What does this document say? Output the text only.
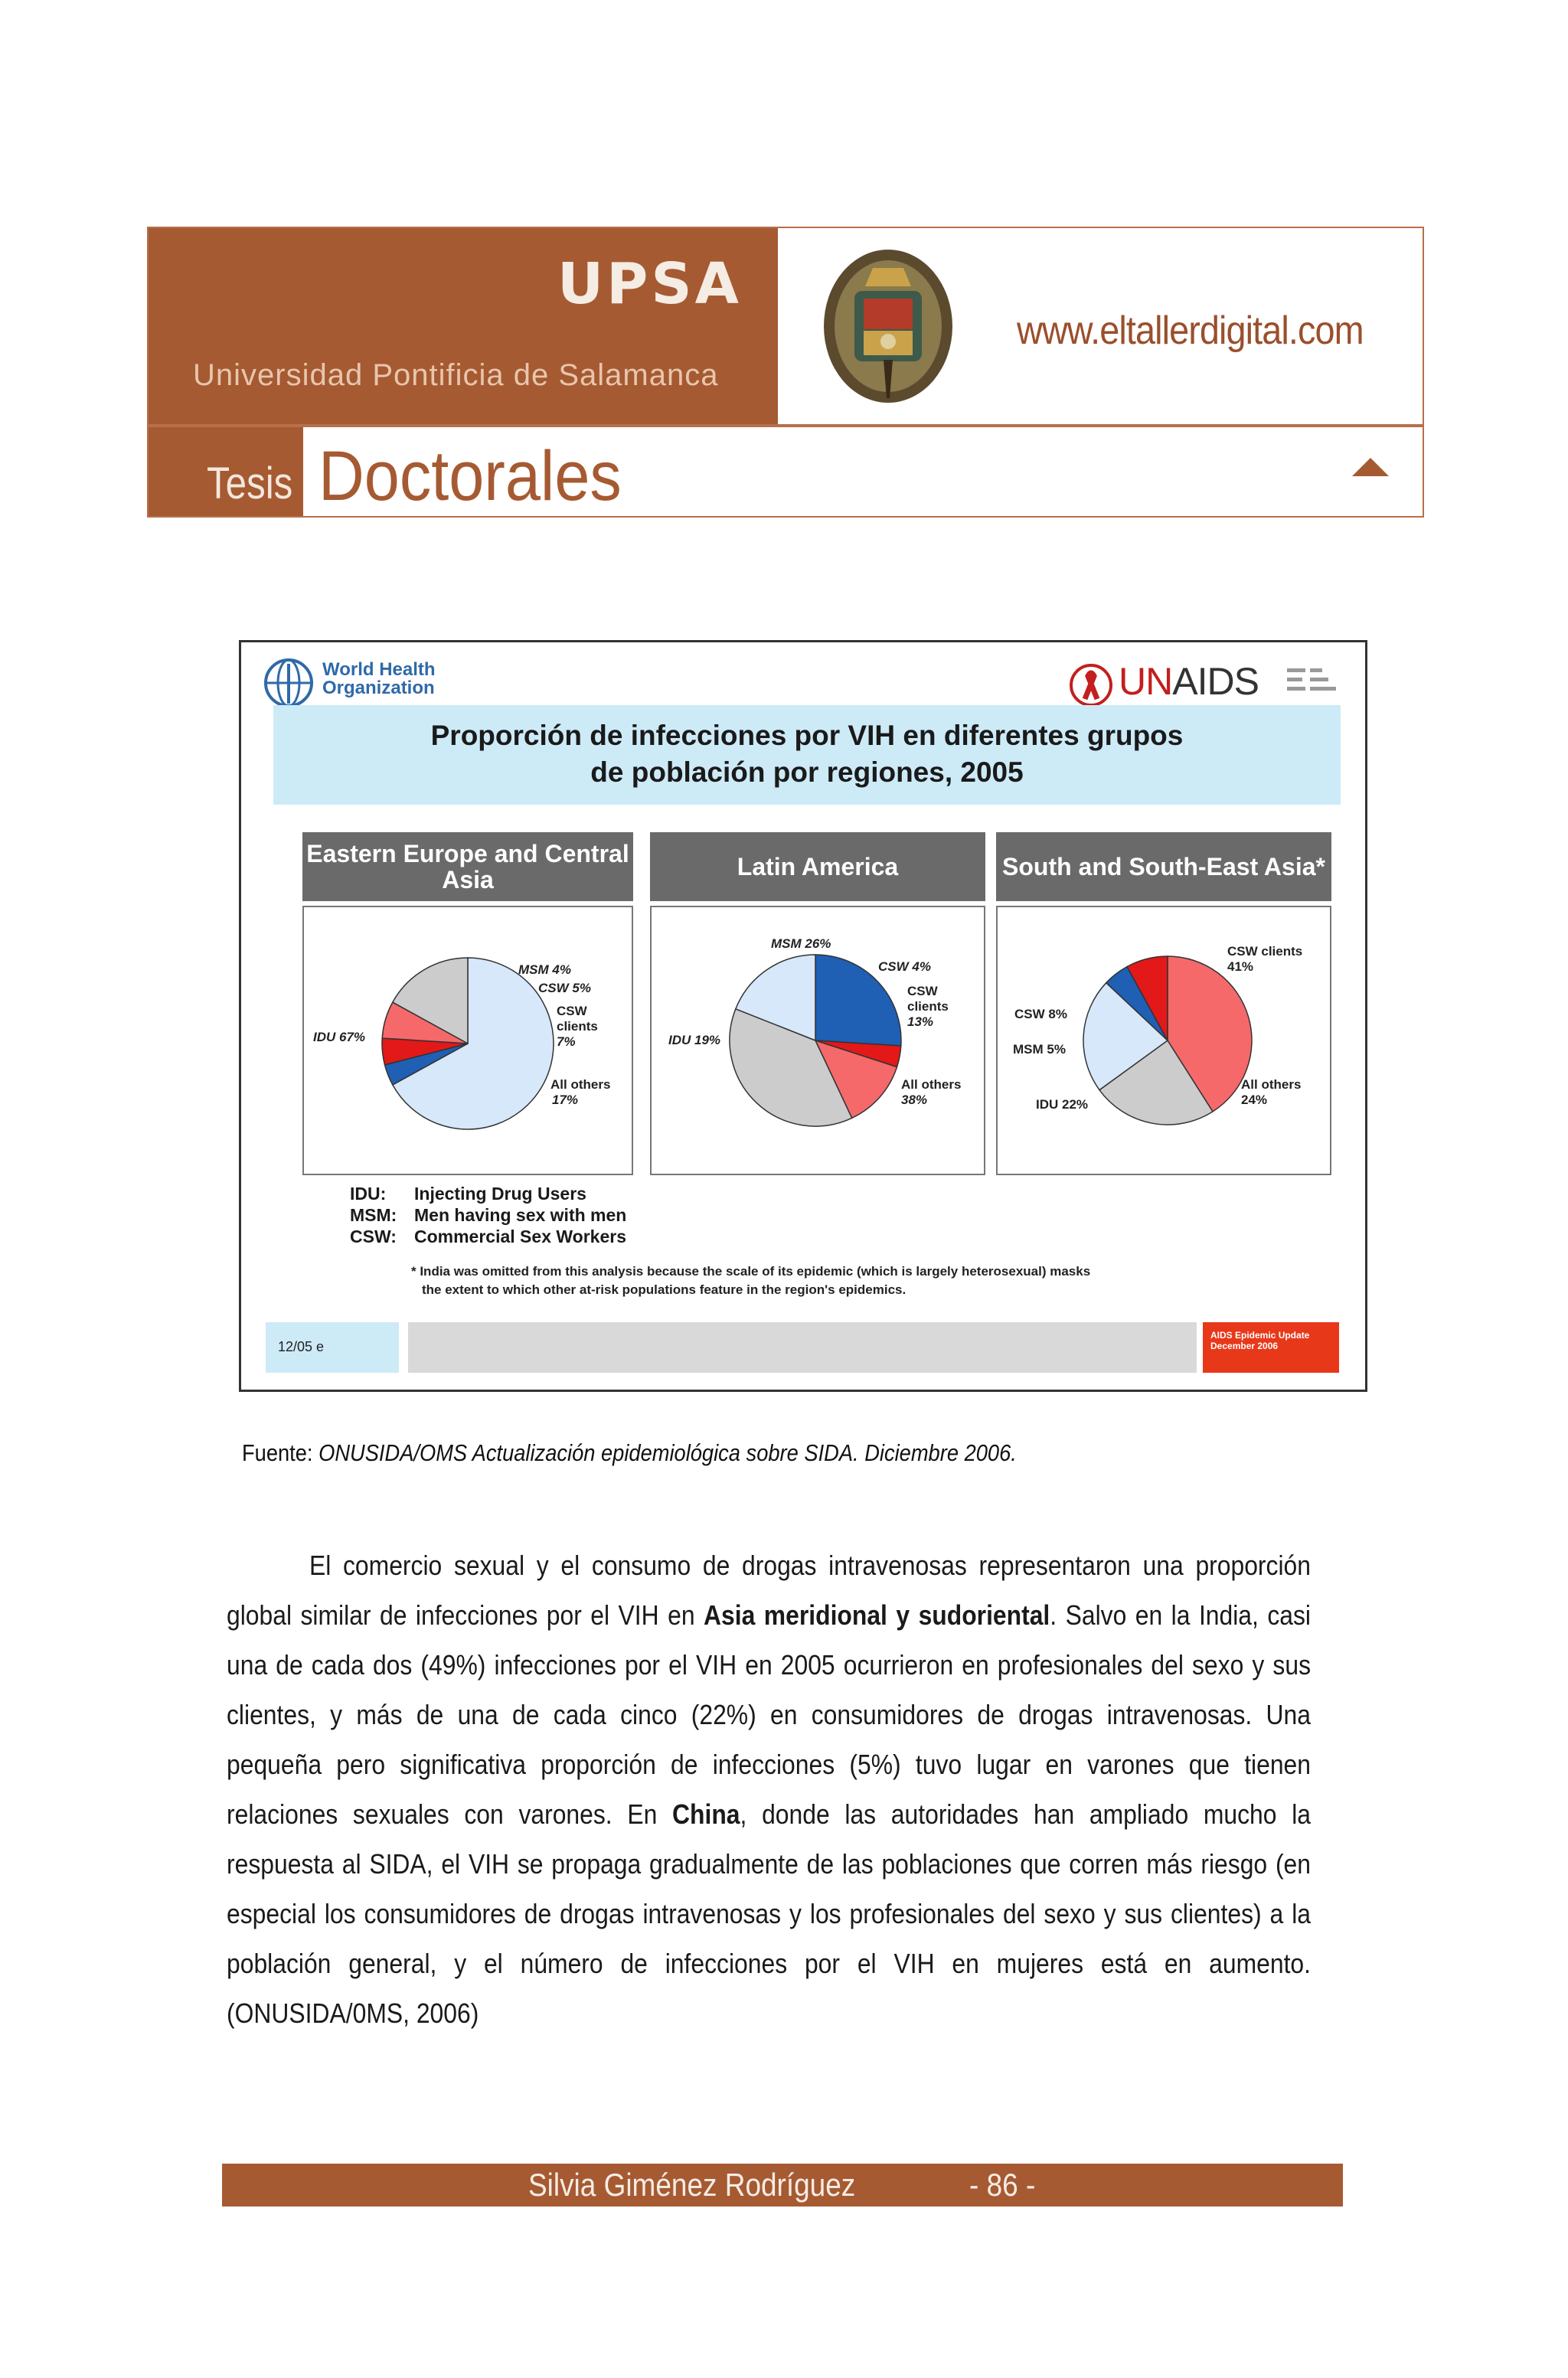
UPSA
Universidad Pontificia de Salamanca
www.eltallerdigital.com
Tesis Doctorales
World Health
Organization	UNAIDS
Proporción de infecciones por VIH en diferentes grupos
de población por regiones, 2005
Eastern Europe and Central Asia
MSM 4%
CSW 5%
CSW
clients
7%
All others
17%
IDU 67%
Latin America
MSM 26%
CSW 4%
CSW
clients
13%
All others
38%
IDU 19%
South and South-East Asia*
CSW clients
41%
CSW 8%
MSM 5%
IDU 22%
All others
24%
IDU:	Injecting Drug Users
MSM: Men having sex with men
CSW:	Commercial Sex Workers
* India was omitted from this analysis because the scale of its epidemic (which is largely heterosexual) masks
the extent to which other at-risk populations feature in the region's epidemics.
12/05 e
AIDS Epidemic Update
December 2006
Fuente: ONUSIDA/OMS Actualización epidemiológica sobre SIDA. Diciembre 2006.
El comercio sexual y el consumo de drogas intravenosas representaron una proporción global similar de infecciones por el VIH en Asia meridional y sudoriental. Salvo en la India, casi una de cada dos (49%) infecciones por el VIH en 2005 ocurrieron en profesionales del sexo y sus clientes, y más de una de cada cinco (22%) en consumidores de drogas intravenosas. Una pequeña pero significativa proporción de infecciones (5%) tuvo lugar en varones que tienen relaciones sexuales con varones. En China, donde las autoridades han ampliado mucho la respuesta al SIDA, el VIH se propaga gradualmente de las poblaciones que corren más riesgo (en especial los consumidores de drogas intravenosas y los profesionales del sexo y sus clientes) a la población general, y el número de infecciones por el VIH en mujeres está en aumento. (ONUSIDA/0MS, 2006)
Silvia Giménez Rodríguez	- 86 -
